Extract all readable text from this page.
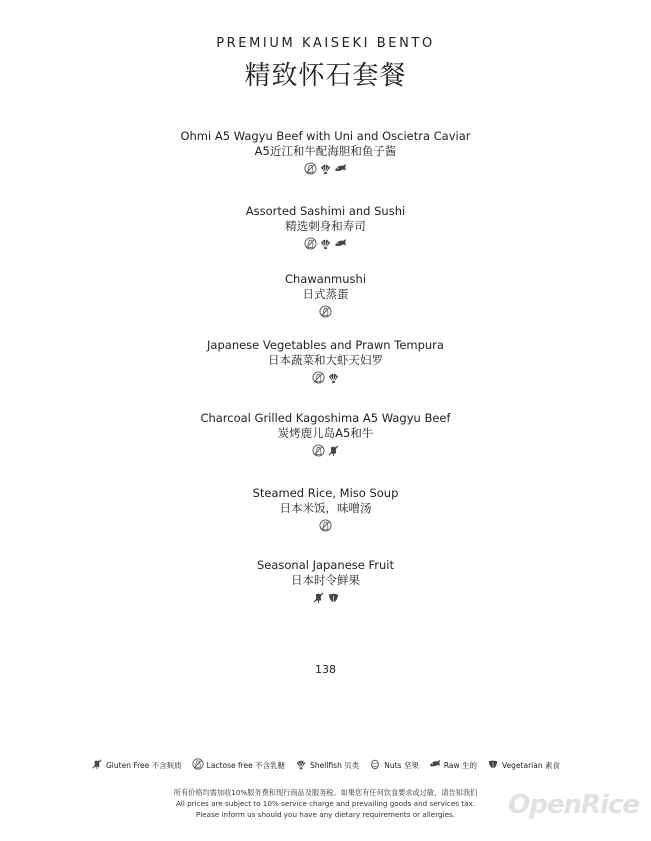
PREMIUM KAISEKI BENTO
精致怀石套餐
Ohmi A5 Wagyu Beef with Uni and Oscietra Caviar
A5近江和牛配海胆和鱼子酱
Assorted Sashimi and Sushi
精选刺身和寿司
Chawanmushi
日式蒸蛋
Japanese Vegetables and Prawn Tempura
日本蔬菜和大虾天妇罗
Charcoal Grilled Kagoshima A5 Wagyu Beef
炭烤鹿儿岛A5和牛
Steamed Rice, Miso Soup
日本米饭，味噌汤
Seasonal Japanese Fruit
日本时令鲜果
138
Gluten Free 不含麸质	Lactose free 不含乳糖	Shellfish 贝类	Nuts 坚果	Raw 生的	Vegetarian 素食
所有价格均需加收10%服务费和现行商品及服务税。如果您有任何饮食要求或过敏，请告知我们
All prices are subject to 10% service charge and prevailing goods and services tax.
Please inform us should you have any dietary requirements or allergies.	OpenRice
